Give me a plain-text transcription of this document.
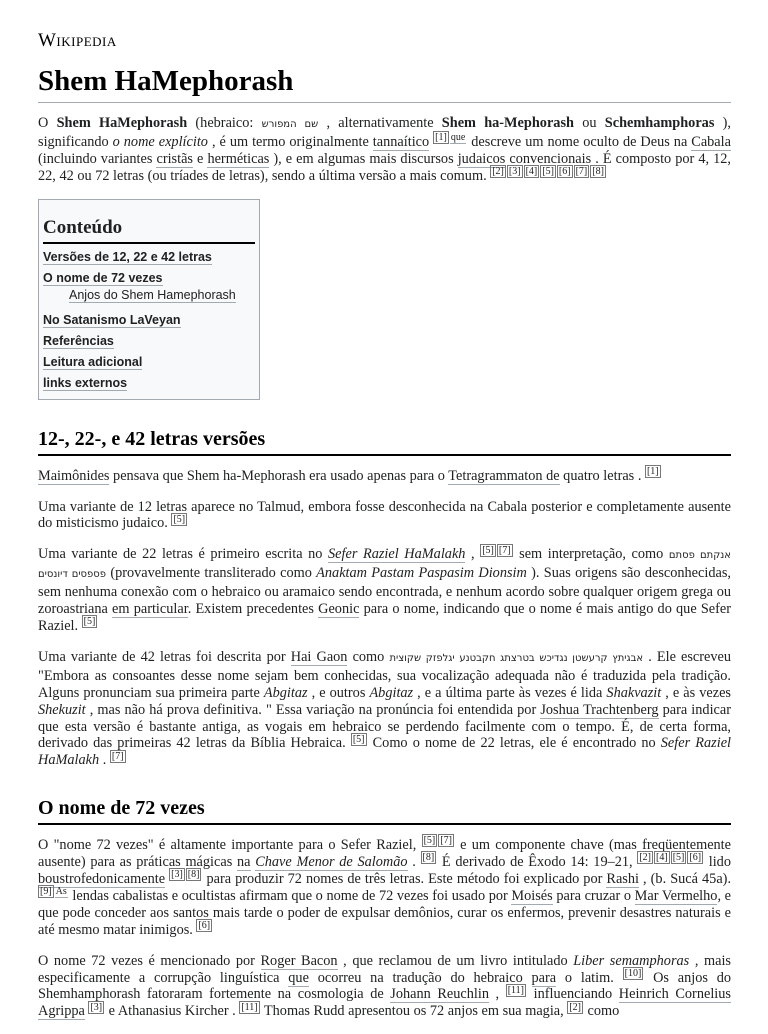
Wikipedia
Shem HaMephorash

O Shem HaMephorash (hebraico: שם המפורש , alternativamente Shem ha-Mephorash ou Schemhamphoras ), significando o nome explícito , é um termo originalmente tannaítico $^{[1] que}$ descreve um nome oculto de Deus na Cabala (incluindo variantes cristãs e herméticas ), e em algumas mais discursos judaicos convencionais . É composto por 4, 12, 22, 42 ou 72 letras (ou tríades de letras), sendo a última versão a mais comum. [2] [3] [4] [5] [6] [7] [8]

Conteúdo
Versões de 12, 22 e 42 letras
O nome de 72 vezes
Anjos do Shem Hamephorash
No Satanismo LaVeyan
Referências
Leitura adicional
links externos
12-, 22-, e 42 letras versões

Maimônides pensava que Shem ha-Mephorash era usado apenas para o Tetragrammaton de quatro letras . [1]

Uma variante de 12 letras aparece no Talmud, embora fosse desconhecida na Cabala posterior e completamente ausente do misticismo judaico. [5]

Uma variante de 22 letras é primeiro escrita no Sefer Raziel HaMalakh , [5] [7] sem interpretação, como אנקתם פסתם פספסים דיונסים (provavelmente transliterado como Anaktam Pastam Paspasim Dionsim ). Suas origens são desconhecidas, sem nenhuma conexão com o hebraico ou aramaico sendo encontrada, e nenhum acordo sobre qualquer origem grega ou zoroastriana em particular. Existem precedentes Geonic para o nome, indicando que o nome é mais antigo do que Sefer Raziel. [5]

Uma variante de 42 letras foi descrita por Hai Gaon como אבגיתץ קרעשטן נגדיכש בטרצתג חקבטנע יגלפזק שקוצית . Ele escreveu "Embora as consoantes desse nome sejam bem conhecidas, sua vocalização adequada não é traduzida pela tradição. Alguns pronunciam sua primeira parte Abgitaz , e outros Abgitaz , e a última parte às vezes é lida Shakvazit , e às vezes Shekuzit , mas não há prova definitiva. " Essa variação na pronúncia foi entendida por Joshua Trachtenberg para indicar que esta versão é bastante antiga, as vogais em hebraico se perdendo facilmente com o tempo. É, de certa forma, derivado das primeiras 42 letras da Bíblia Hebraica. [5] Como o nome de 22 letras, ele é encontrado no Sefer Raziel HaMalakh . [7]

O nome de 72 vezes

O "nome 72 vezes" é altamente importante para o Sefer Raziel, [5] [7] e um componente chave (mas freqüentemente ausente) para as práticas mágicas na Chave Menor de Salomão . [8] É derivado de Êxodo 14: 19–21, [2] [4] [5] [6] lido boustrofedonicamente [3] [8] para produzir 72 nomes de três letras. Este método foi explicado por Rashi , (b. Sucá 45a). $^{[9] As}$ lendas cabalistas e ocultistas afirmam que o nome de 72 vezes foi usado por Moisés para cruzar o Mar Vermelho, e que pode conceder aos santos mais tarde o poder de expulsar demônios, curar os enfermos, prevenir desastres naturais e até mesmo matar inimigos. [6]

O nome 72 vezes é mencionado por Roger Bacon , que reclamou de um livro intitulado Liber semamphoras , mais especificamente a corrupção linguística que ocorreu na tradução do hebraico para o latim. [10] Os anjos do Shemhamphorash fatoraram fortemente na cosmologia de Johann Reuchlin , [11] influenciando Heinrich Cornelius Agrippa [3] e Athanasius Kircher . [11] Thomas Rudd apresentou os 72 anjos em sua magia, [2] como
